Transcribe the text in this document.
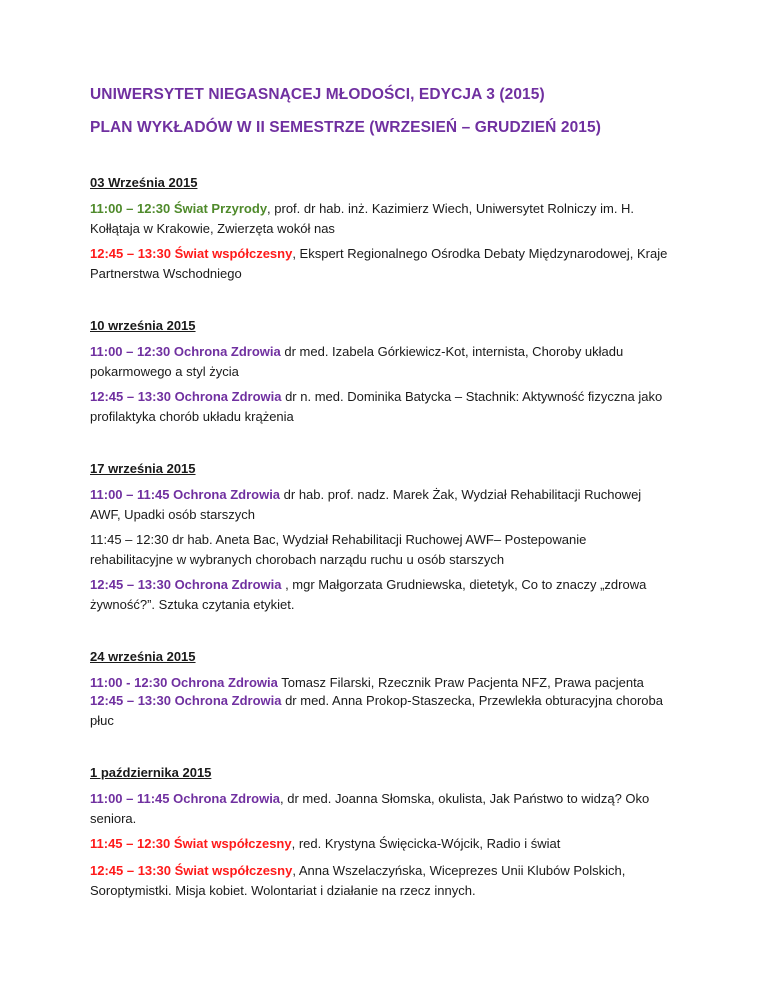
UNIWERSYTET NIEGASNĄCEJ MŁODOŚCI, EDYCJA 3 (2015)
PLAN WYKŁADÓW W II SEMESTRZE (WRZESIEŃ – GRUDZIEŃ 2015)
03 Września 2015
11:00 – 12:30 Świat Przyrody, prof. dr hab. inż. Kazimierz Wiech, Uniwersytet Rolniczy im. H. Kołłątaja w Krakowie, Zwierzęta wokół nas
12:45 – 13:30 Świat współczesny, Ekspert Regionalnego Ośrodka Debaty Międzynarodowej, Kraje Partnerstwa Wschodniego
10 września 2015
11:00 – 12:30 Ochrona Zdrowia dr med. Izabela Górkiewicz-Kot, internista, Choroby układu pokarmowego a styl życia
12:45 – 13:30 Ochrona Zdrowia dr n. med. Dominika Batycka – Stachnik: Aktywność fizyczna jako profilaktyka chorób układu krążenia
17 września 2015
11:00 – 11:45 Ochrona Zdrowia dr hab. prof. nadz. Marek Żak, Wydział Rehabilitacji Ruchowej AWF, Upadki osób starszych
11:45 – 12:30 dr hab. Aneta Bac, Wydział Rehabilitacji Ruchowej AWF– Postepowanie rehabilitacyjne w wybranych chorobach narządu ruchu u osób starszych
12:45 – 13:30 Ochrona Zdrowia , mgr Małgorzata Grudniewska, dietetyk, Co to znaczy „zdrowa żywność?”. Sztuka czytania etykiet.
24 września 2015
11:00 - 12:30 Ochrona Zdrowia Tomasz Filarski, Rzecznik Praw Pacjenta NFZ, Prawa pacjenta
12:45 – 13:30 Ochrona Zdrowia dr med. Anna Prokop-Staszecka, Przewlekła obturacyjna choroba płuc
1 października 2015
11:00 – 11:45 Ochrona Zdrowia, dr med. Joanna Słomska, okulista, Jak Państwo to widzą? Oko seniora.
11:45 – 12:30 Świat współczesny, red. Krystyna Święcicka-Wójcik, Radio i świat
12:45 – 13:30 Świat współczesny, Anna Wszelaczyńska, Wiceprezes Unii Klubów Polskich, Soroptymistki. Misja kobiet. Wolontariat i działanie na rzecz innych.
